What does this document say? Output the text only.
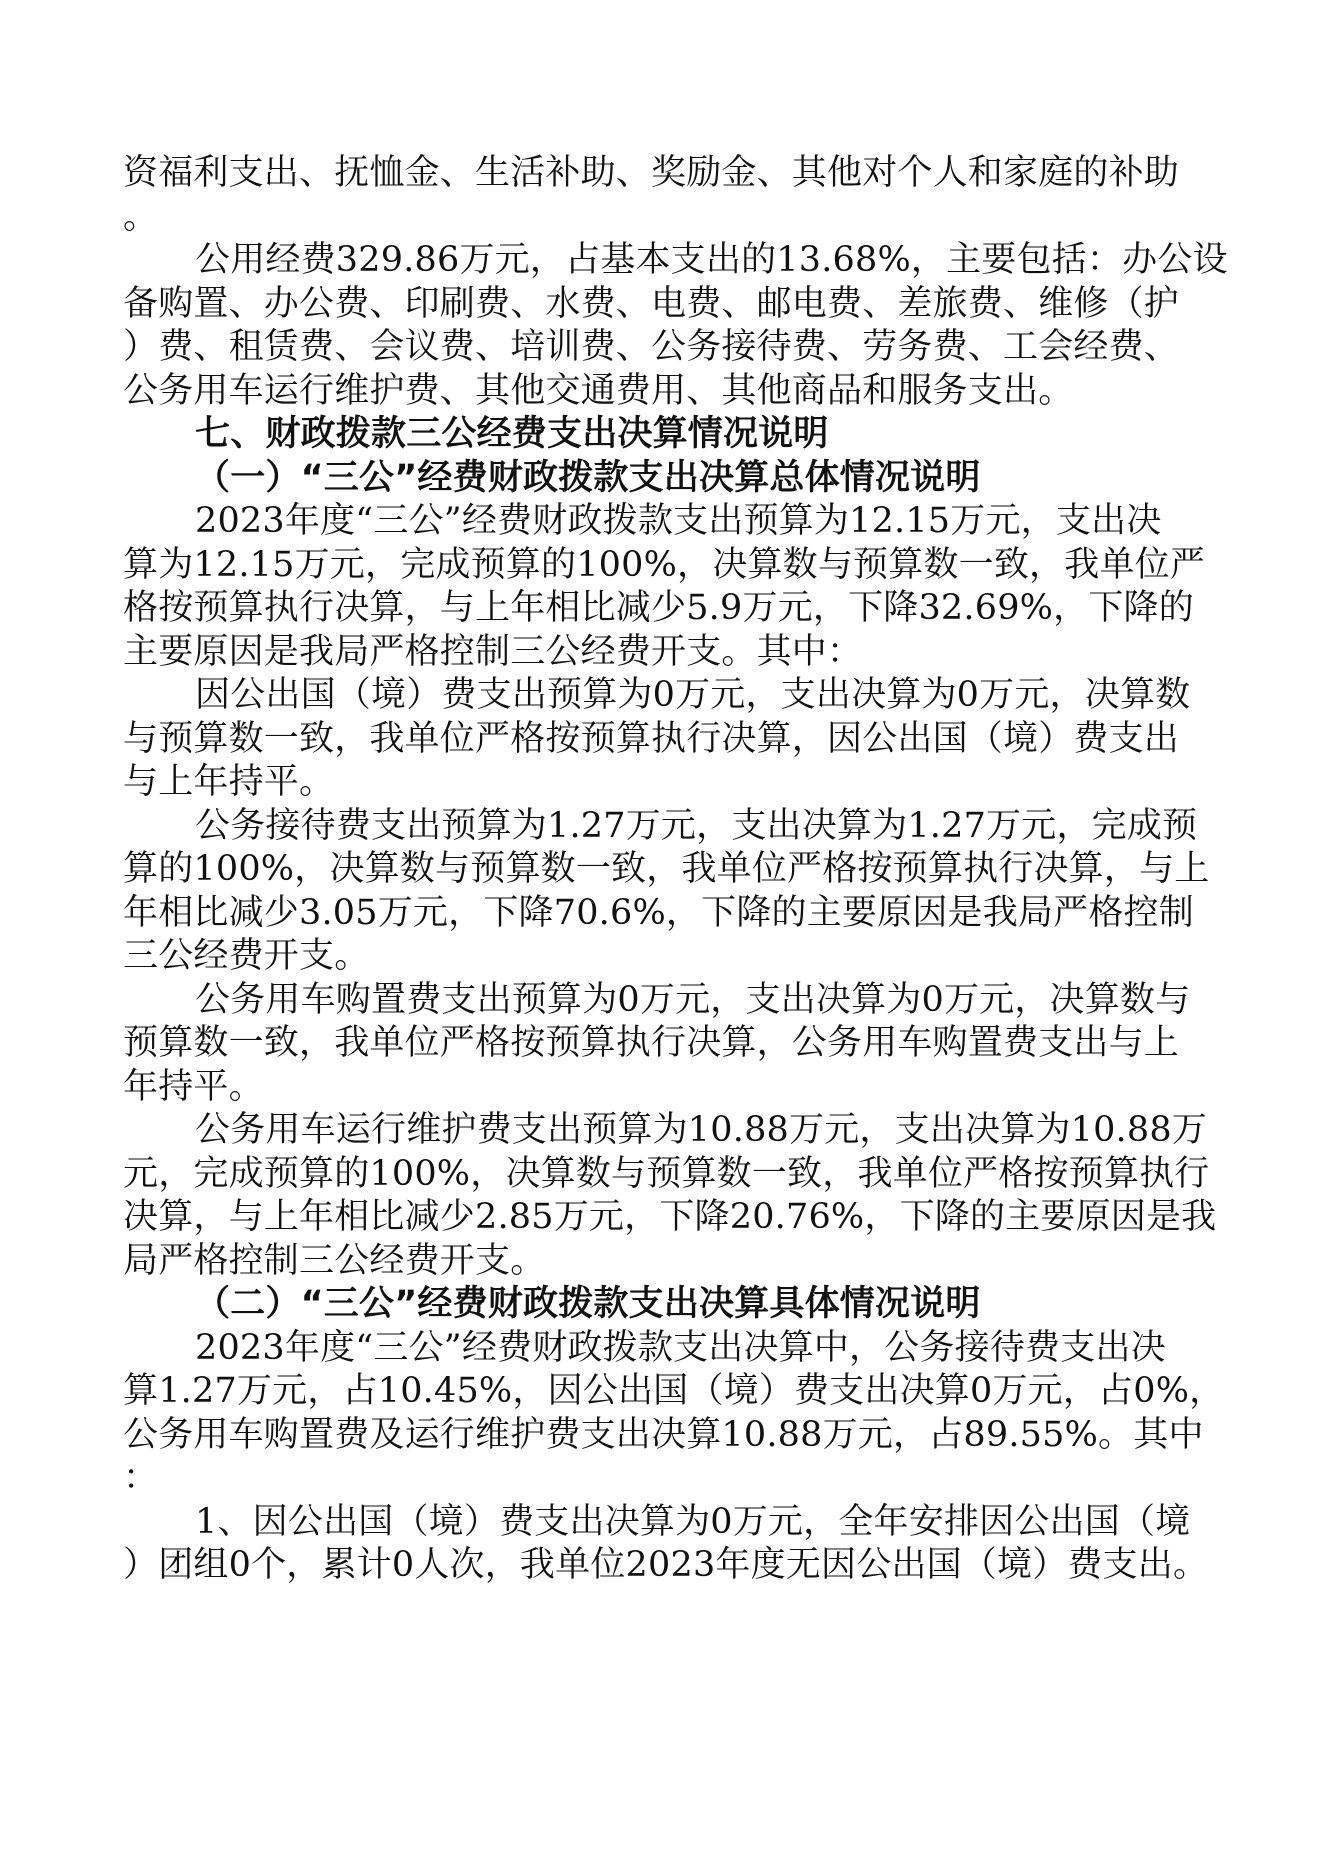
资福利支出、抚恤金、生活补助、奖励金、其他对个人和家庭的补助
。
公用经费329.86万元，占基本支出的13.68%，主要包括：办公设
备购置、办公费、印刷费、水费、电费、邮电费、差旅费、维修（护
）费、租赁费、会议费、培训费、公务接待费、劳务费、工会经费、
公务用车运行维护费、其他交通费用、其他商品和服务支出。
七、财政拨款三公经费支出决算情况说明
（一）“三公”经费财政拨款支出决算总体情况说明
2023年度“三公”经费财政拨款支出预算为12.15万元，支出决
算为12.15万元，完成预算的100%，决算数与预算数一致，我单位严
格按预算执行决算，与上年相比减少5.9万元，下降32.69%，下降的
主要原因是我局严格控制三公经费开支。其中：
因公出国（境）费支出预算为0万元，支出决算为0万元，决算数
与预算数一致，我单位严格按预算执行决算，因公出国（境）费支出
与上年持平。
公务接待费支出预算为1.27万元，支出决算为1.27万元，完成预
算的100%，决算数与预算数一致，我单位严格按预算执行决算，与上
年相比减少3.05万元，下降70.6%，下降的主要原因是我局严格控制
三公经费开支。
公务用车购置费支出预算为0万元，支出决算为0万元，决算数与
预算数一致，我单位严格按预算执行决算，公务用车购置费支出与上
年持平。
公务用车运行维护费支出预算为10.88万元，支出决算为10.88万
元，完成预算的100%，决算数与预算数一致，我单位严格按预算执行
决算，与上年相比减少2.85万元，下降20.76%，下降的主要原因是我
局严格控制三公经费开支。
（二）“三公”经费财政拨款支出决算具体情况说明
2023年度“三公”经费财政拨款支出决算中，公务接待费支出决
算1.27万元，占10.45%，因公出国（境）费支出决算0万元，占0%，
公务用车购置费及运行维护费支出决算10.88万元，占89.55%。其中
：
1、因公出国（境）费支出决算为0万元，全年安排因公出国（境
）团组0个，累计0人次，我单位2023年度无因公出国（境）费支出。
